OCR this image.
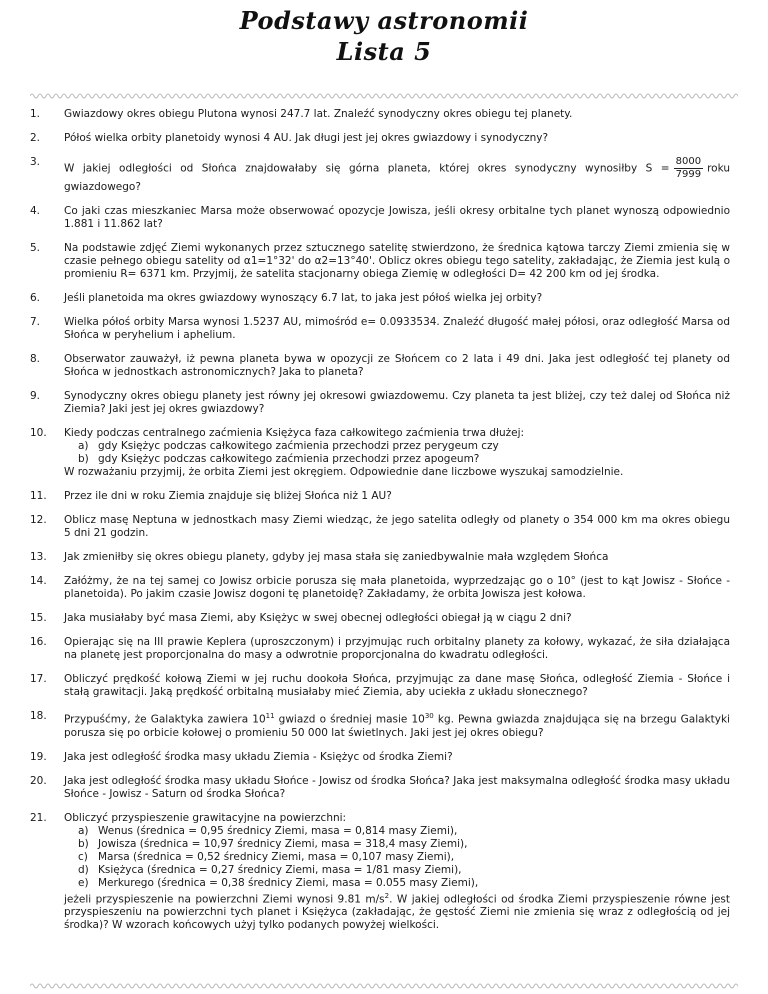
Podstawy astronomii
Lista 5
1.	Gwiazdowy okres obiegu Plutona wynosi 247.7 lat. Znaleźć synodyczny okres obiegu tej planety.
2.	Półoś wielka orbity planetoidy wynosi 4 AU. Jak długi jest jej okres gwiazdowy i synodyczny?
3.
W jakiej odległości od Słońca znajdowałaby się górna planeta, której okres synodyczny wynosiłby $S = \frac{8000}{7999}$ roku gwiazdowego?
4.	Co jaki czas mieszkaniec Marsa może obserwować opozycje Jowisza, jeśli okresy orbitalne tych planet wynoszą odpowiednio 1.881 i 11.862 lat?
5.	Na podstawie zdjęć Ziemi wykonanych przez sztucznego satelitę stwierdzono, że średnica kątowa tarczy Ziemi zmienia się w czasie pełnego obiegu satelity od α1=1°32' do α2=13°40'. Oblicz okres obiegu tego satelity, zakładając, że Ziemia jest kulą o promieniu R= 6371 km. Przyjmij, że satelita stacjonarny obiega Ziemię w odległości D= 42 200 km od jej środka.
6.	Jeśli planetoida ma okres gwiazdowy wynoszący 6.7 lat, to jaka jest półoś wielka jej orbity?
7.	Wielka półoś orbity Marsa wynosi 1.5237 AU, mimośród e= 0.0933534. Znaleźć długość małej półosi, oraz odległość Marsa od Słońca w peryhelium i aphelium.
8.	Obserwator zauważył, iż pewna planeta bywa w opozycji ze Słońcem co 2 lata i 49 dni. Jaka jest odległość tej planety od Słońca w jednostkach astronomicznych? Jaka to planeta?
9.	Synodyczny okres obiegu planety jest równy jej okresowi gwiazdowemu. Czy planeta ta jest bliżej, czy też dalej od Słońca niż Ziemia? Jaki jest jej okres gwiazdowy?
10.	Kiedy podczas centralnego zaćmienia Księżyca faza całkowitego zaćmienia trwa dłużej:
a) gdy Księżyc podczas całkowitego zaćmienia przechodzi przez perygeum czy
b) gdy Księżyc podczas całkowitego zaćmienia przechodzi przez apogeum?
W rozważaniu przyjmij, że orbita Ziemi jest okręgiem. Odpowiednie dane liczbowe wyszukaj samodzielnie.
11.	Przez ile dni w roku Ziemia znajduje się bliżej Słońca niż 1 AU?
12.	Oblicz masę Neptuna w jednostkach masy Ziemi wiedząc, że jego satelita odległy od planety o 354 000 km ma okres obiegu 5 dni 21 godzin.
13.	Jak zmieniłby się okres obiegu planety, gdyby jej masa stała się zaniedbywalnie mała względem Słońca
14.	Załóżmy, że na tej samej co Jowisz orbicie porusza się mała planetoida, wyprzedzając go o 10° (jest to kąt Jowisz - Słońce - planetoida). Po jakim czasie Jowisz dogoni tę planetoidę? Zakładamy, że orbita Jowisza jest kołowa.
15.	Jaka musiałaby być masa Ziemi, aby Księżyc w swej obecnej odległości obiegał ją w ciągu 2 dni?
16.	Opierając się na III prawie Keplera (uproszczonym) i przyjmując ruch orbitalny planety za kołowy, wykazać, że siła działająca na planetę jest proporcjonalna do masy a odwrotnie proporcjonalna do kwadratu odległości.
17.	Obliczyć prędkość kołową Ziemi w jej ruchu dookoła Słońca, przyjmując za dane masę Słońca, odległość Ziemia - Słońce i stałą grawitacji. Jaką prędkość orbitalną musiałaby mieć Ziemia, aby uciekła z układu słonecznego?
18.	Przypuśćmy, że Galaktyka zawiera $10^{11}$ gwiazd o średniej masie $10^{30}$ kg. Pewna gwiazda znajdująca się na brzegu Galaktyki porusza się po orbicie kołowej o promieniu 50 000 lat świetlnych. Jaki jest jej okres obiegu?
19.	Jaka jest odległość środka masy układu Ziemia - Księżyc od środka Ziemi?
20.	Jaka jest odległość środka masy układu Słońce - Jowisz od środka Słońca? Jaka jest maksymalna odległość środka masy układu Słońce - Jowisz - Saturn od środka Słońca?
21.	Obliczyć przyspieszenie grawitacyjne na powierzchni:
a) Wenus (średnica = 0,95 średnicy Ziemi, masa = 0,814 masy Ziemi),
b) Jowisza (średnica = 10,97 średnicy Ziemi, masa = 318,4 masy Ziemi),
c) Marsa (średnica = 0,52 średnicy Ziemi, masa = 0,107 masy Ziemi),
d) Księżyca (średnica = 0,27 średnicy Ziemi, masa = 1/81 masy Ziemi),
e) Merkurego (średnica = 0,38 średnicy Ziemi, masa = 0.055 masy Ziemi),
jeżeli przyspieszenie na powierzchni Ziemi wynosi 9.81 $m/s^2$. W jakiej odległości od środka Ziemi przyspieszenie równe jest przyspieszeniu na powierzchni tych planet i Księżyca (zakładając, że gęstość Ziemi nie zmienia się wraz z odległością od jej środka)? W wzorach końcowych użyj tylko podanych powyżej wielkości.
